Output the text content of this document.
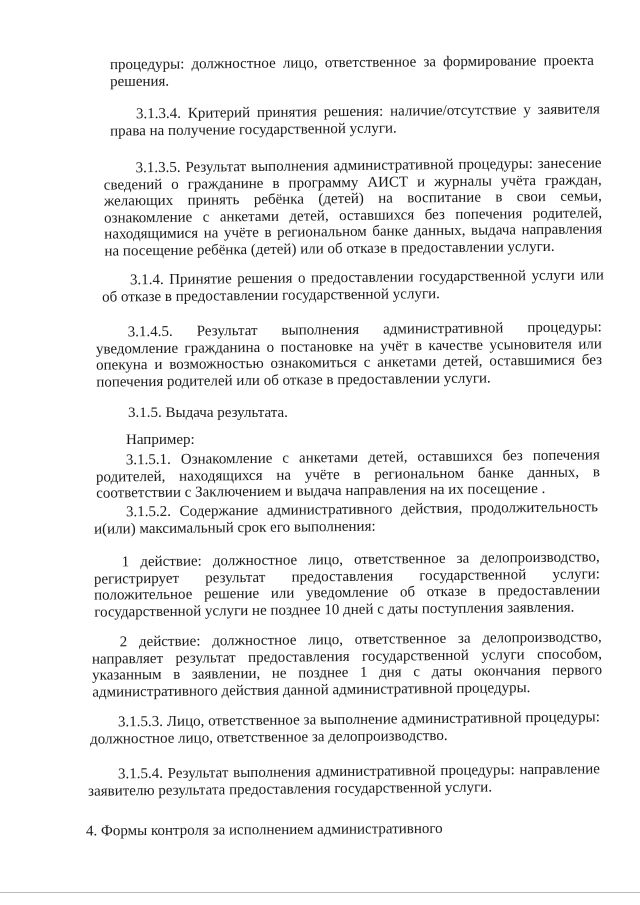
процедуры: должностное лицо, ответственное за формирование проекта решения.

3.1.3.4. Критерий принятия решения: наличие/отсутствие у заявителя права на получение государственной услуги.

3.1.3.5. Результат выполнения административной процедуры: занесение сведений о гражданине в программу АИСТ и журналы учёта граждан, желающих принять ребёнка (детей) на воспитание в свои семьи, ознакомление с анкетами детей, оставшихся без попечения родителей, находящимися на учёте в региональном банке данных, выдача направления на посещение ребёнка (детей) или об отказе в предоставлении услуги.

3.1.4. Принятие решения о предоставлении государственной услуги или об отказе в предоставлении государственной услуги.

3.1.4.5. Результат выполнения административной процедуры: уведомление гражданина о постановке на учёт в качестве усыновителя или опекуна и возможностью ознакомиться с анкетами детей, оставшимися без попечения родителей или об отказе в предоставлении услуги.

3.1.5. Выдача результата.

Например:

3.1.5.1. Ознакомление с анкетами детей, оставшихся без попечения родителей, находящихся на учёте в региональном банке данных, в соответствии с Заключением и выдача направления на их посещение .

3.1.5.2. Содержание административного действия, продолжительность и(или) максимальный срок его выполнения:

1 действие: должностное лицо, ответственное за делопроизводство, регистрирует результат предоставления государственной услуги: положительное решение или уведомление об отказе в предоставлении государственной услуги не позднее 10 дней с даты поступления заявления.

2 действие: должностное лицо, ответственное за делопроизводство, направляет результат предоставления государственной услуги способом, указанным в заявлении, не позднее 1 дня с даты окончания первого административного действия данной административной процедуры.

3.1.5.3. Лицо, ответственное за выполнение административной процедуры: должностное лицо, ответственное за делопроизводство.

3.1.5.4. Результат выполнения административной процедуры: направление заявителю результата предоставления государственной услуги.

4. Формы контроля за исполнением административного
